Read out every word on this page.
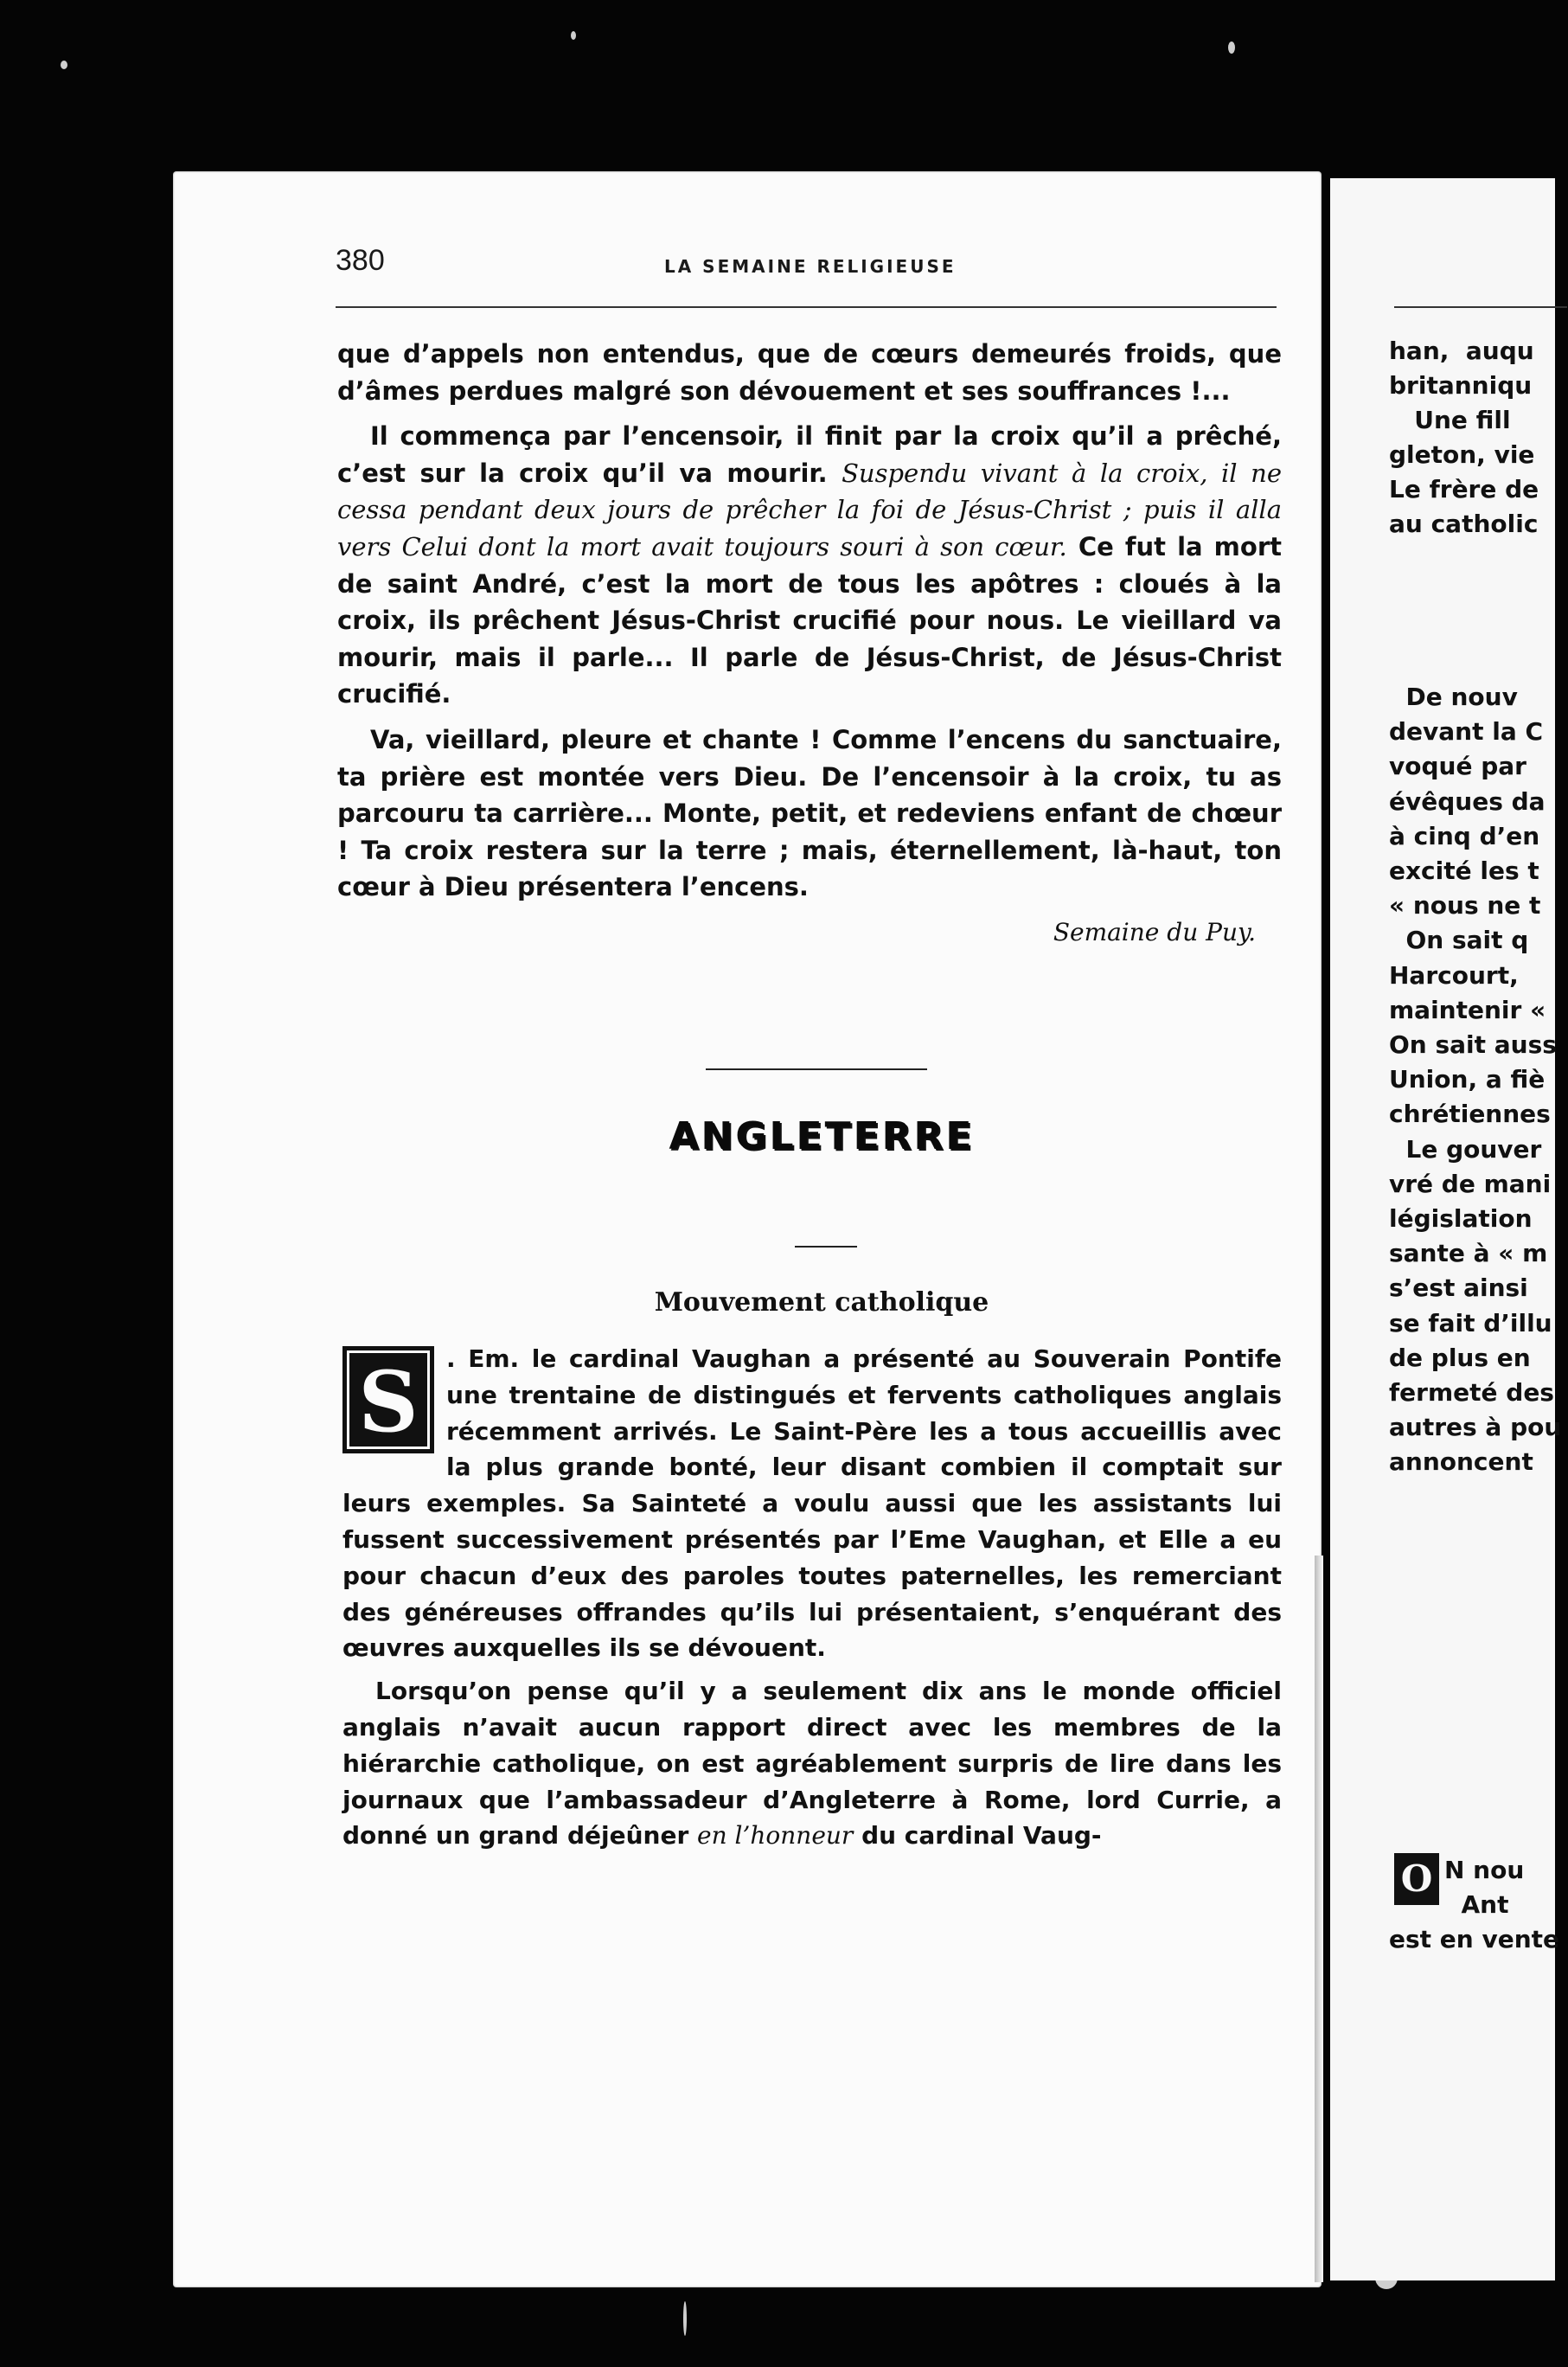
380	LA SEMAINE RELIGIEUSE

que d’appels non entendus, que de cœurs demeurés froids, que d’âmes perdues malgré son dévouement et ses souffrances !...

Il commença par l’encensoir, il finit par la croix qu’il a prêché, c’est sur la croix qu’il va mourir. Suspendu vivant à la croix, il ne cessa pendant deux jours de prêcher la foi de Jésus-Christ ; puis il alla vers Celui dont la mort avait toujours souri à son cœur. Ce fut la mort de saint André, c’est la mort de tous les apôtres : cloués à la croix, ils prêchent Jésus-Christ crucifié pour nous. Le vieillard va mourir, mais il parle... Il parle de Jésus-Christ, de Jésus-Christ crucifié.

Va, vieillard, pleure et chante ! Comme l’encens du sanctuaire, ta prière est montée vers Dieu. De l’encensoir à la croix, tu as parcouru ta carrière... Monte, petit, et redeviens enfant de chœur ! Ta croix restera sur la terre ; mais, éternellement, là-haut, ton cœur à Dieu présentera l’encens.

Semaine du Puy.
ANGLETERRE
Mouvement catholique

S	. Em. le cardinal Vaughan a présenté au Souverain Pontife une trentaine de distingués et fervents catholiques anglais récemment arrivés. Le Saint-Père les a tous accueillis avec la plus grande bonté, leur disant combien il comptait sur leurs exemples. Sa Sainteté a voulu aussi que les assistants lui fussent successivement présentés par l’Eme Vaughan, et Elle a eu pour chacun d’eux des paroles toutes paternelles, les remerciant des généreuses offrandes qu’ils lui présentaient, s’enquérant des œuvres auxquelles ils se dévouent.

Lorsqu’on pense qu’il y a seulement dix ans le monde officiel anglais n’avait aucun rapport direct avec les membres de la hiérarchie catholique, on est agréablement surpris de lire dans les journaux que l’ambassadeur d’Angleterre à Rome, lord Currie, a donné un grand déjeûner en l’honneur du cardinal Vaug-

han,  auqu
britanniqu
Une fill
gleton, vie
Le frère de
au catholic
De nouv
devant la C
voqué par
évêques da
à cinq d’en
excité les t
« nous ne t
On sait q
Harcourt,
maintenir «
On sait auss
Union, a fiè
chrétiennes
Le gouver
vré de mani
législation
sante à « m
s’est ainsi
se fait d’illu
de plus en
fermeté des
autres à pou
annoncent
O N nou
Ant
est en vente
